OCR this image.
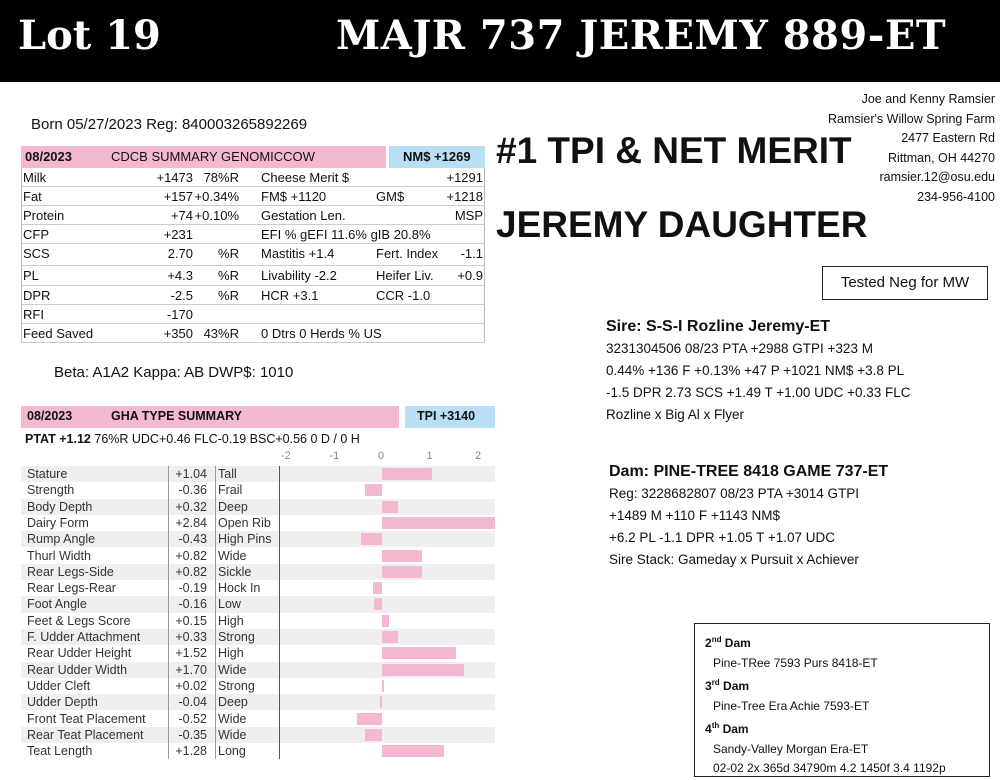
Lot 19	MAJR 737 JEREMY 889-ET
Born 05/27/2023 Reg: 840003265892269
08/2023	CDCB SUMMARY GENOMICCOW	NM$ +1269
Milk	+1473 78%R Cheese Merit $	+1291
Fat	+157 +0.34% FM$ +1120	GM$	+1218
Protein	+74 +0.10% Gestation Len.	MSP
CFP	+231	EFI % gEFI 11.6% gIB 20.8%
SCS	2.70 %R Mastitis +1.4	Fert. Index -1.1
PL	+4.3 %R Livability -2.2	Heifer Liv. +0.9
DPR	-2.5 %R HCR +3.1	CCR -1.0
RFI	-170
Feed Saved	+350 43%R 0 Dtrs 0 Herds % US
Beta: A1A2 Kappa: AB DWP$: 1010
Joe and Kenny Ramsier
Ramsier's Willow Spring Farm
2477 Eastern Rd
Rittman, OH 44270
ramsier.12@osu.edu
234-956-4100
#1 TPI & NET MERIT
JEREMY DAUGHTER
Tested Neg for MW
Sire: S-S-I Rozline Jeremy-ET
3231304506 08/23 PTA +2988 GTPI +323 M
0.44% +136 F +0.13% +47 P +1021 NM$ +3.8 PL
-1.5 DPR 2.73 SCS +1.49 T +1.00 UDC +0.33 FLC
Rozline x Big Al x Flyer
Dam: PINE-TREE 8418 GAME 737-ET
Reg: 3228682807 08/23 PTA +3014 GTPI
+1489 M +110 F +1143 NM$
+6.2 PL -1.1 DPR +1.05 T +1.07 UDC
Sire Stack: Gameday x Pursuit x Achiever
2nd Dam
Pine-TRee 7593 Purs 8418-ET
3rd Dam
Pine-Tree Era Achie 7593-ET
4th Dam
Sandy-Valley Morgan Era-ET
02-02 2x 365d 34790m 4.2 1450f 3.4 1192p
08/2023	GHA TYPE SUMMARY	TPI +3140
PTAT +1.12 76%R UDC+0.46 FLC-0.19 BSC+0.56 0 D / 0 H
-2	-1	0	1	2
Stature	+1.04 Tall
Strength	-0.36 Frail
Body Depth	+0.32 Deep
Dairy Form	+2.84 Open Rib
Rump Angle	-0.43 High Pins
Thurl Width	+0.82 Wide
Rear Legs-Side	+0.82 Sickle
Rear Legs-Rear	-0.19 Hock In
Foot Angle	-0.16 Low
Feet & Legs Score	+0.15 High
F. Udder Attachment	+0.33 Strong
Rear Udder Height	+1.52 High
Rear Udder Width	+1.70 Wide
Udder Cleft	+0.02 Strong
Udder Depth	-0.04 Deep
Front Teat Placement	-0.52 Wide
Rear Teat Placement	-0.35 Wide
Teat Length	+1.28 Long
